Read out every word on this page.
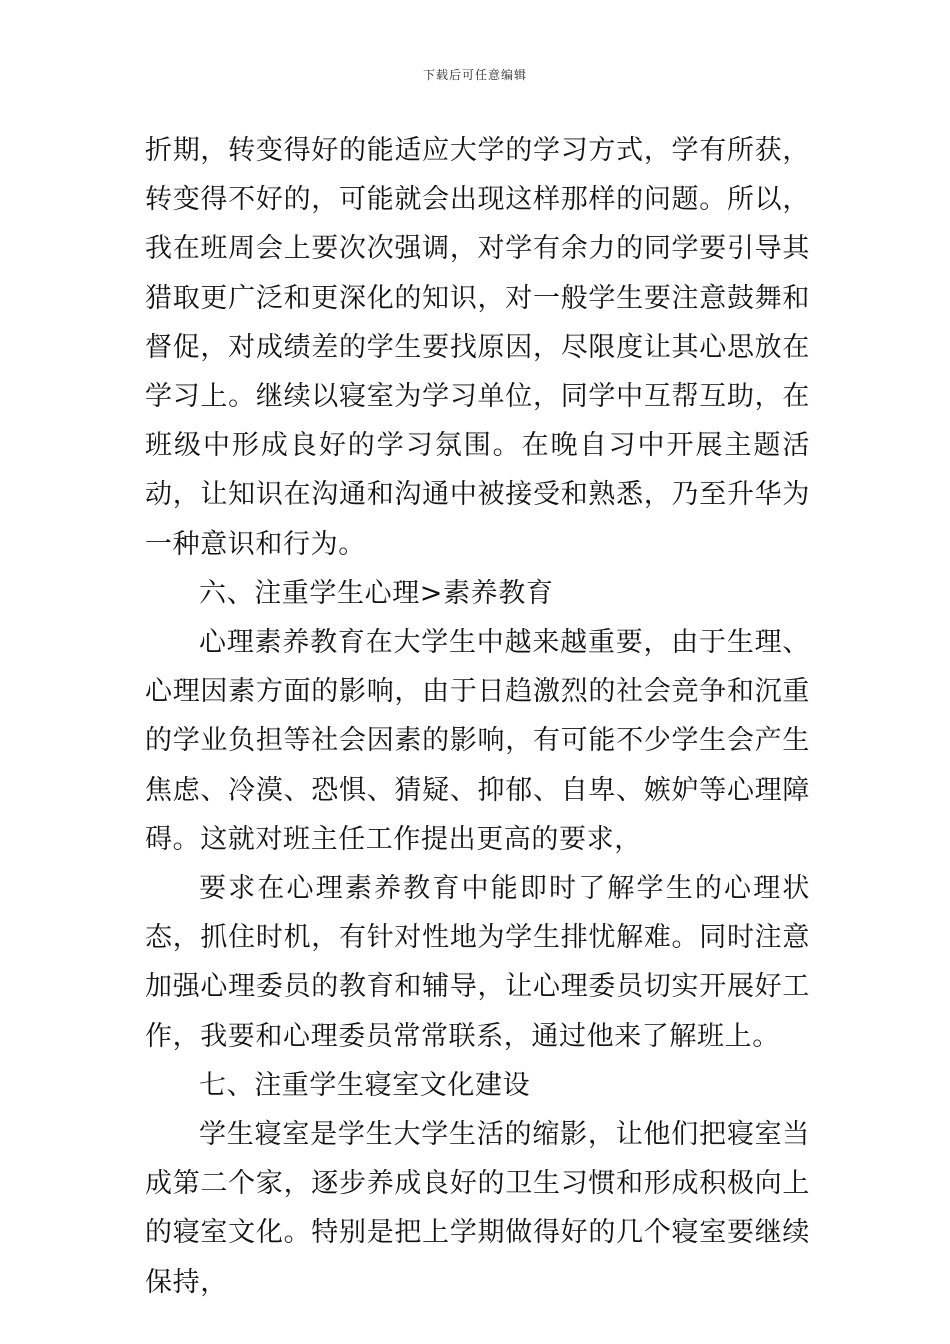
下载后可任意编辑

折期，转变得好的能适应大学的学习方式，学有所获，转变得不好的，可能就会出现这样那样的问题。所以，我在班周会上要次次强调，对学有余力的同学要引导其猎取更广泛和更深化的知识，对一般学生要注意鼓舞和督促，对成绩差的学生要找原因，尽限度让其心思放在学习上。继续以寝室为学习单位，同学中互帮互助，在班级中形成良好的学习氛围。在晚自习中开展主题活动，让知识在沟通和沟通中被接受和熟悉，乃至升华为一种意识和行为。

六、注重学生心理>素养教育

心理素养教育在大学生中越来越重要，由于生理、心理因素方面的影响，由于日趋激烈的社会竞争和沉重的学业负担等社会因素的影响，有可能不少学生会产生焦虑、冷漠、恐惧、猜疑、抑郁、自卑、嫉妒等心理障碍。这就对班主任工作提出更高的要求，

要求在心理素养教育中能即时了解学生的心理状态，抓住时机，有针对性地为学生排忧解难。同时注意加强心理委员的教育和辅导，让心理委员切实开展好工作，我要和心理委员常常联系，通过他来了解班上。

七、注重学生寝室文化建设

学生寝室是学生大学生活的缩影，让他们把寝室当成第二个家，逐步养成良好的卫生习惯和形成积极向上的寝室文化。特别是把上学期做得好的几个寝室要继续保持，
